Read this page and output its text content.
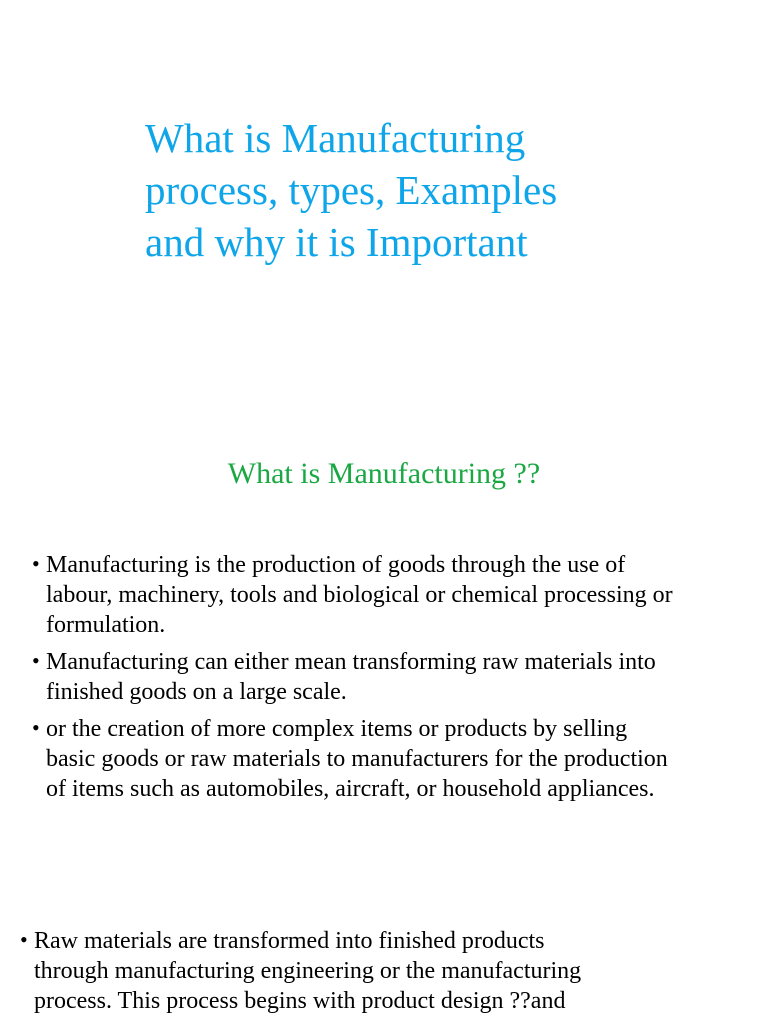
What is Manufacturing
process, types, Examples
and why it is Important
What is Manufacturing ??
• Manufacturing is the production of goods through the use of
labour, machinery, tools and biological or chemical processing or
formulation.
• Manufacturing can either mean transforming raw materials into
finished goods on a large scale.
• or the creation of more complex items or products by selling
basic goods or raw materials to manufacturers for the production
of items such as automobiles, aircraft, or household appliances.
• Raw materials are transformed into finished products
through manufacturing engineering or the manufacturing
process. This process begins with product design ??and
